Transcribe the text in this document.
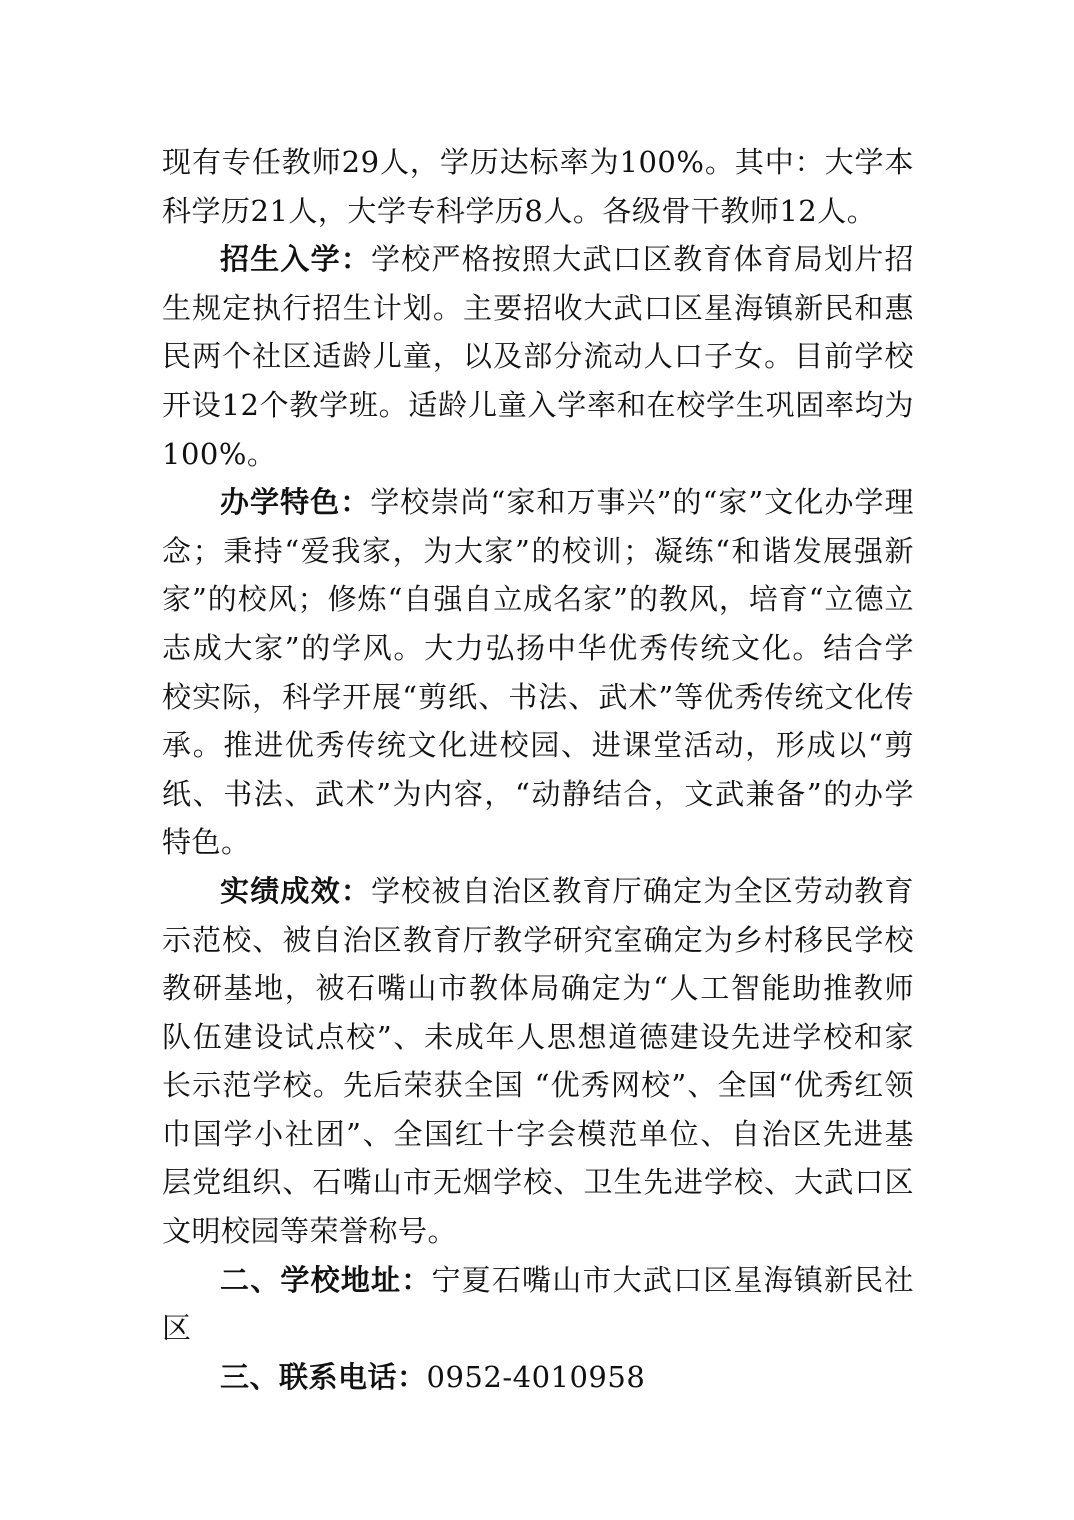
现有专任教师29人，学历达标率为100%。其中：大学本科学历21人，大学专科学历8人。各级骨干教师12人。

招生入学：学校严格按照大武口区教育体育局划片招生规定执行招生计划。主要招收大武口区星海镇新民和惠民两个社区适龄儿童，以及部分流动人口子女。目前学校开设12个教学班。适龄儿童入学率和在校学生巩固率均为100%。

办学特色：学校崇尚“家和万事兴”的“家”文化办学理念；秉持“爱我家，为大家”的校训；凝练“和谐发展强新家”的校风；修炼“自强自立成名家”的教风，培育“立德立志成大家”的学风。大力弘扬中华优秀传统文化。结合学校实际，科学开展“剪纸、书法、武术”等优秀传统文化传承。推进优秀传统文化进校园、进课堂活动，形成以“剪纸、书法、武术”为内容，“动静结合，文武兼备”的办学特色。

实绩成效：学校被自治区教育厅确定为全区劳动教育示范校、被自治区教育厅教学研究室确定为乡村移民学校教研基地，被石嘴山市教体局确定为“人工智能助推教师队伍建设试点校”、未成年人思想道德建设先进学校和家长示范学校。先后荣获全国 “优秀网校”、全国“优秀红领巾国学小社团”、全国红十字会模范单位、自治区先进基层党组织、石嘴山市无烟学校、卫生先进学校、大武口区文明校园等荣誉称号。

二、学校地址：宁夏石嘴山市大武口区星海镇新民社区

三、联系电话：0952-4010958
